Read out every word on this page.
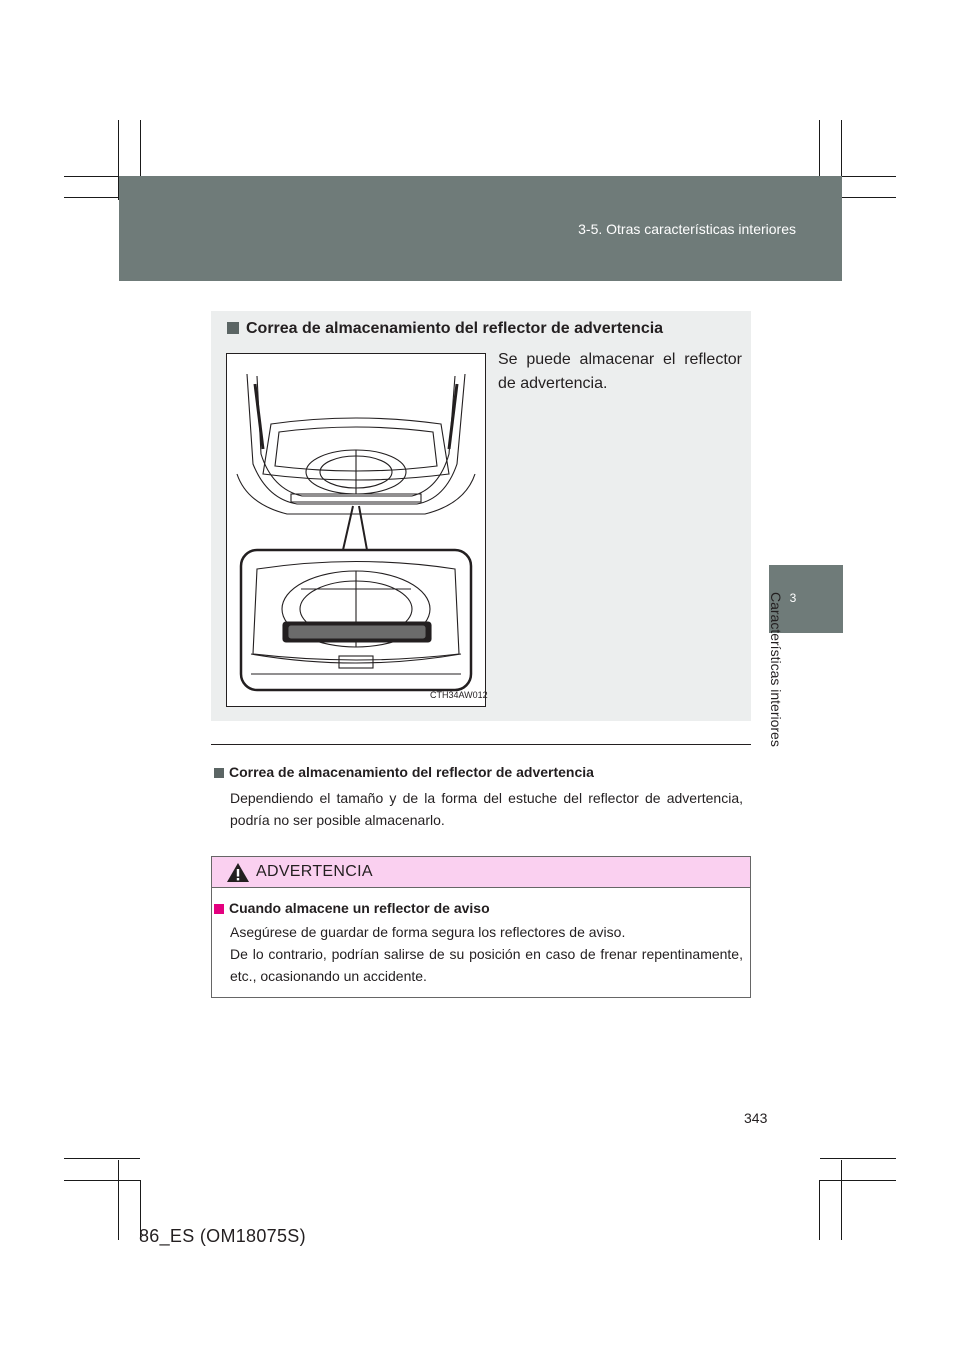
3-5. Otras características interiores
3
Características interiores
Correa de almacenamiento del reflector de advertencia
Se puede almacenar el reflector de advertencia.
CTH34AW012
Correa de almacenamiento del reflector de advertencia
Dependiendo el tamaño y de la forma del estuche del reflector de advertencia, podría no ser posible almacenarlo.
ADVERTENCIA
Cuando almacene un reflector de aviso
Asegúrese de guardar de forma segura los reflectores de aviso.
De lo contrario, podrían salirse de su posición en caso de frenar repentinamente, etc., ocasionando un accidente.
343
86_ES (OM18075S)
